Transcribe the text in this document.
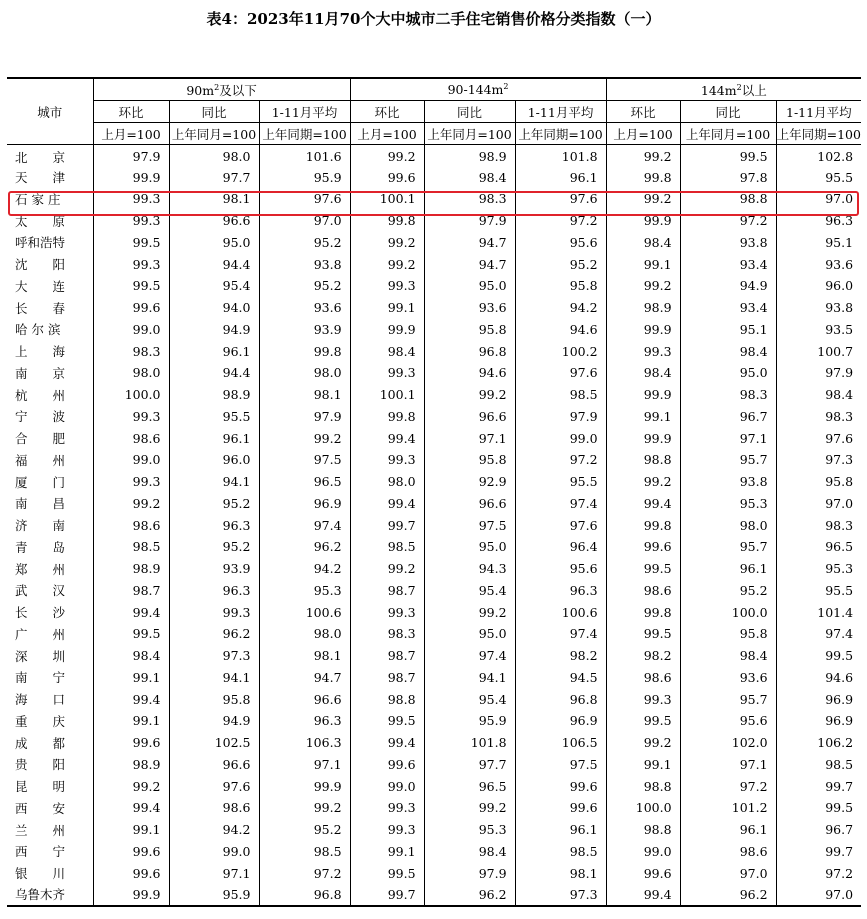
表4：2023年11月70个大中城市二手住宅销售价格分类指数（一）
城市	$90m^2$及以下			$90-144m^2$			$144m^2$以上		
	环比	同比	1-11月平均	环比	同比	1-11月平均	环比	同比	1-11月平均
	上月=100	上年同月=100	上年同期=100	上月=100	上年同月=100	上年同期=100	上月=100	上年同月=100	上年同期=100
北　　京	97.9	98.0	101.6	99.2	98.9	101.8	99.2	99.5	102.8
天　　津	99.9	97.7	95.9	99.6	98.4	96.1	99.8	97.8	95.5
石 家 庄	99.3	98.1	97.6	100.1	98.3	97.6	99.2	98.8	97.0
太　　原	99.3	96.6	97.0	99.8	97.9	97.2	99.9	97.2	96.3
呼和浩特	99.5	95.0	95.2	99.2	94.7	95.6	98.4	93.8	95.1
沈　　阳	99.3	94.4	93.8	99.2	94.7	95.2	99.1	93.4	93.6
大　　连	99.5	95.4	95.2	99.3	95.0	95.8	99.2	94.9	96.0
长　　春	99.6	94.0	93.6	99.1	93.6	94.2	98.9	93.4	93.8
哈 尔 滨	99.0	94.9	93.9	99.9	95.8	94.6	99.9	95.1	93.5
上　　海	98.3	96.1	99.8	98.4	96.8	100.2	99.3	98.4	100.7
南　　京	98.0	94.4	98.0	99.3	94.6	97.6	98.4	95.0	97.9
杭　　州	100.0	98.9	98.1	100.1	99.2	98.5	99.9	98.3	98.4
宁　　波	99.3	95.5	97.9	99.8	96.6	97.9	99.1	96.7	98.3
合　　肥	98.6	96.1	99.2	99.4	97.1	99.0	99.9	97.1	97.6
福　　州	99.0	96.0	97.5	99.3	95.8	97.2	98.8	95.7	97.3
厦　　门	99.3	94.1	96.5	98.0	92.9	95.5	99.2	93.8	95.8
南　　昌	99.2	95.2	96.9	99.4	96.6	97.4	99.4	95.3	97.0
济　　南	98.6	96.3	97.4	99.7	97.5	97.6	99.8	98.0	98.3
青　　岛	98.5	95.2	96.2	98.5	95.0	96.4	99.6	95.7	96.5
郑　　州	98.9	93.9	94.2	99.2	94.3	95.6	99.5	96.1	95.3
武　　汉	98.7	96.3	95.3	98.7	95.4	96.3	98.6	95.2	95.5
长　　沙	99.4	99.3	100.6	99.3	99.2	100.6	99.8	100.0	101.4
广　　州	99.5	96.2	98.0	98.3	95.0	97.4	99.5	95.8	97.4
深　　圳	98.4	97.3	98.1	98.7	97.4	98.2	98.2	98.4	99.5
南　　宁	99.1	94.1	94.7	98.7	94.1	94.5	98.6	93.6	94.6
海　　口	99.4	95.8	96.6	98.8	95.4	96.8	99.3	95.7	96.9
重　　庆	99.1	94.9	96.3	99.5	95.9	96.9	99.5	95.6	96.9
成　　都	99.6	102.5	106.3	99.4	101.8	106.5	99.2	102.0	106.2
贵　　阳	98.9	96.6	97.1	99.6	97.7	97.5	99.1	97.1	98.5
昆　　明	99.2	97.6	99.9	99.0	96.5	99.6	98.8	97.2	99.7
西　　安	99.4	98.6	99.2	99.3	99.2	99.6	100.0	101.2	99.5
兰　　州	99.1	94.2	95.2	99.3	95.3	96.1	98.8	96.1	96.7
西　　宁	99.6	99.0	98.5	99.1	98.4	98.5	99.0	98.6	99.7
银　　川	99.6	97.1	97.2	99.5	97.9	98.1	99.6	97.0	97.2
乌鲁木齐	99.9	95.9	96.8	99.7	96.2	97.3	99.4	96.2	97.0
